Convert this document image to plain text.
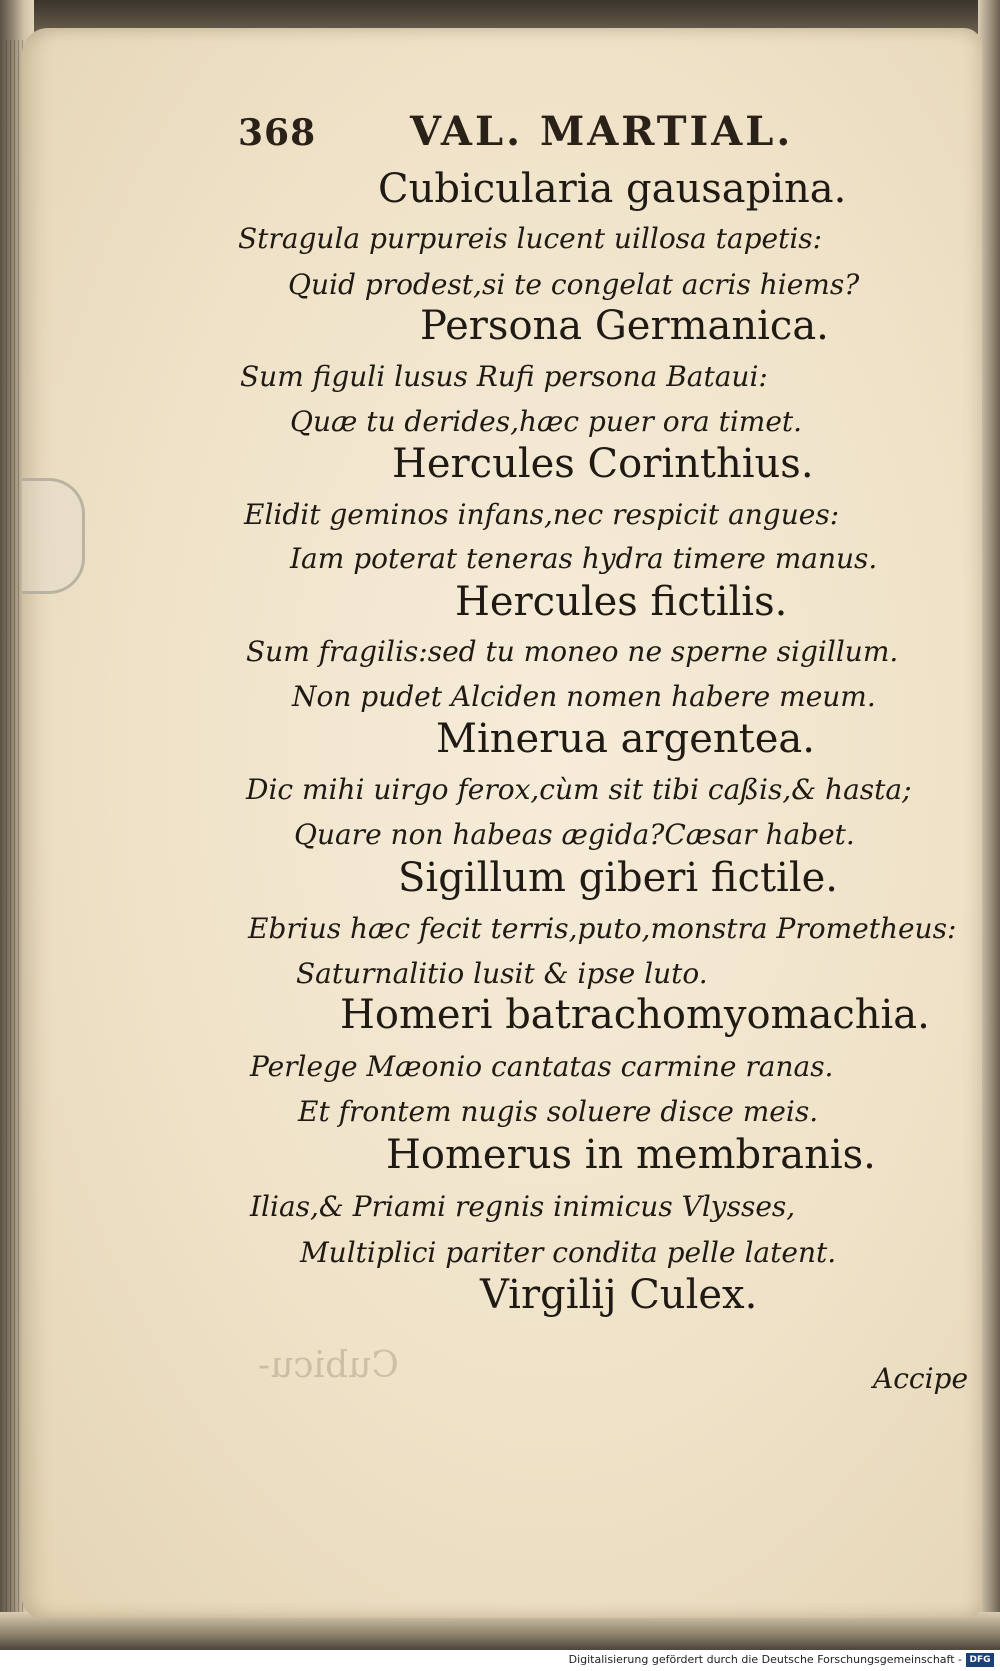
368 VAL. MARTIAL.
Cubicularia gausapina.
Stragula purpureis lucent uillosa tapetis:
Quid prodest,si te congelat acris hiems?
Persona Germanica.
Sum figuli lusus Rufi persona Bataui:
Quæ tu derides,hæc puer ora timet.
Hercules Corinthius.
Elidit geminos infans,nec respicit angues:
Iam poterat teneras hydra timere manus.
Hercules fictilis.
Sum fragilis:sed tu moneo ne sperne sigillum.
Non pudet Alciden nomen habere meum.
Minerua argentea.
Dic mihi uirgo ferox,cùm sit tibi caßis,& hasta;
Quare non habeas ægida?Cæsar habet.
Sigillum giberi fictile.
Ebrius hæc fecit terris,puto,monstra Prometheus:
Saturnalitio lusit & ipse luto.
Homeri batrachomyomachia.
Perlege Mæonio cantatas carmine ranas.
Et frontem nugis soluere disce meis.
Homerus in membranis.
Ilias,& Priami regnis inimicus Vlysses,
Multiplici pariter condita pelle latent.
Virgilij Culex.
Cubicu-	Accipe
Digitalisierung gefördert durch die Deutsche Forschungsgemeinschaft - DFG
